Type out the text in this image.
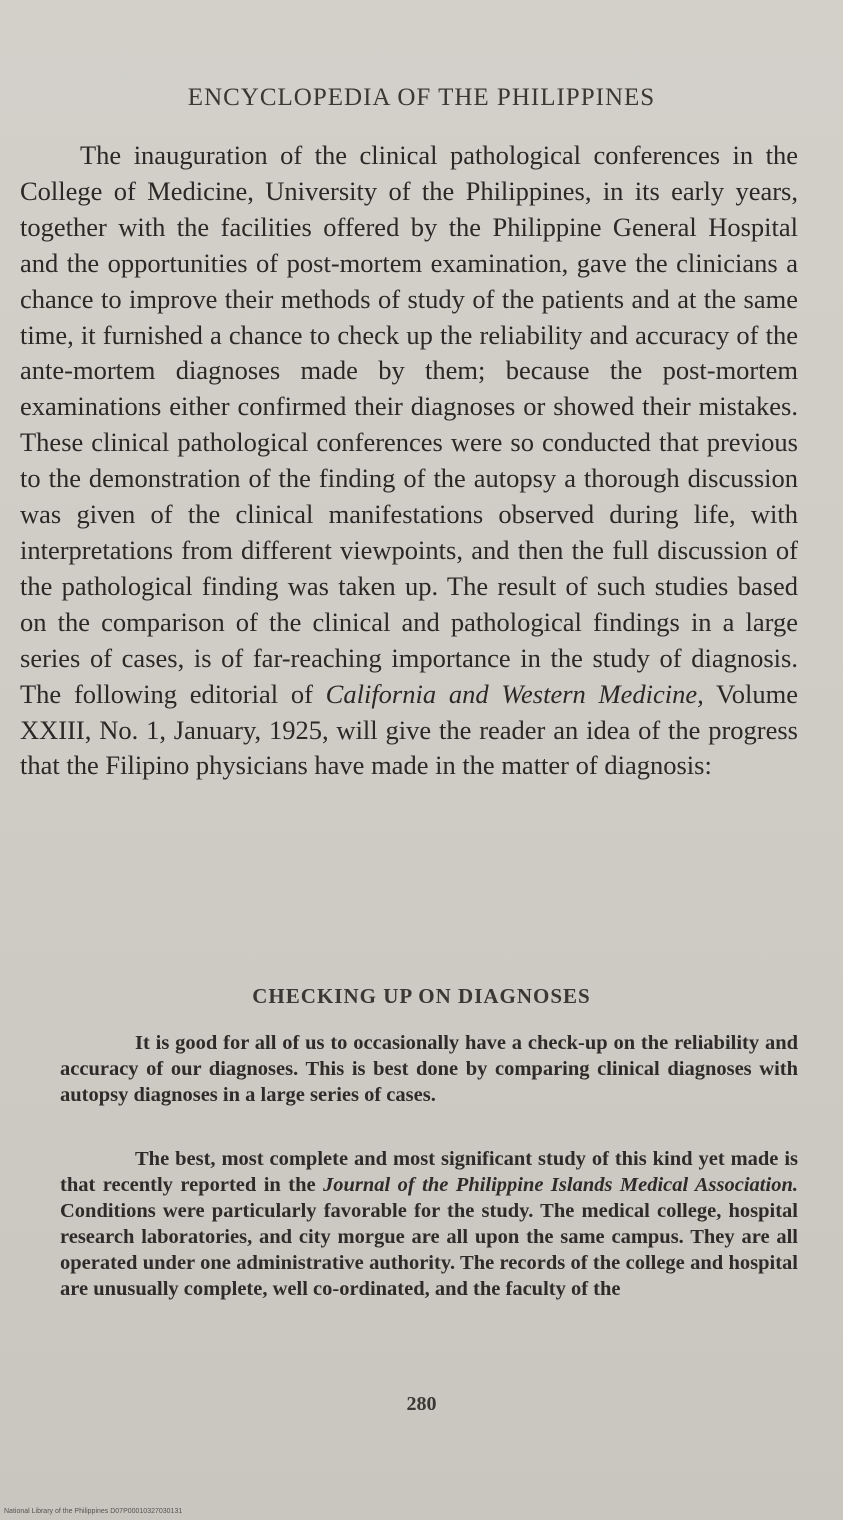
ENCYCLOPEDIA OF THE PHILIPPINES

The inauguration of the clinical pathological conferences in the College of Medicine, University of the Philippines, in its early years, together with the facilities offered by the Philippine General Hospital and the opportunities of post-mortem examination, gave the clinicians a chance to improve their methods of study of the patients and at the same time, it furnished a chance to check up the reliability and accuracy of the ante-mortem diagnoses made by them; because the post-mortem examinations either confirmed their diagnoses or showed their mistakes. These clinical pathological conferences were so conducted that previous to the demonstration of the finding of the autopsy a thorough discussion was given of the clinical manifestations observed during life, with interpretations from different viewpoints, and then the full discussion of the pathological finding was taken up. The result of such studies based on the comparison of the clinical and pathological findings in a large series of cases, is of far-reaching importance in the study of diagnosis. The following editorial of California and Western Medicine, Volume XXIII, No. 1, January, 1925, will give the reader an idea of the progress that the Filipino physicians have made in the matter of diagnosis:

CHECKING UP ON DIAGNOSES

It is good for all of us to occasionally have a check-up on the reliability and accuracy of our diagnoses. This is best done by comparing clinical diagnoses with autopsy diagnoses in a large series of cases.

The best, most complete and most significant study of this kind yet made is that recently reported in the Journal of the Philippine Islands Medical Association. Conditions were particularly favorable for the study. The medical college, hospital research laboratories, and city morgue are all upon the same campus. They are all operated under one administrative authority. The records of the college and hospital are unusually complete, well co-ordinated, and the faculty of the

280
National Library of the Philippines D07P00010327030131
